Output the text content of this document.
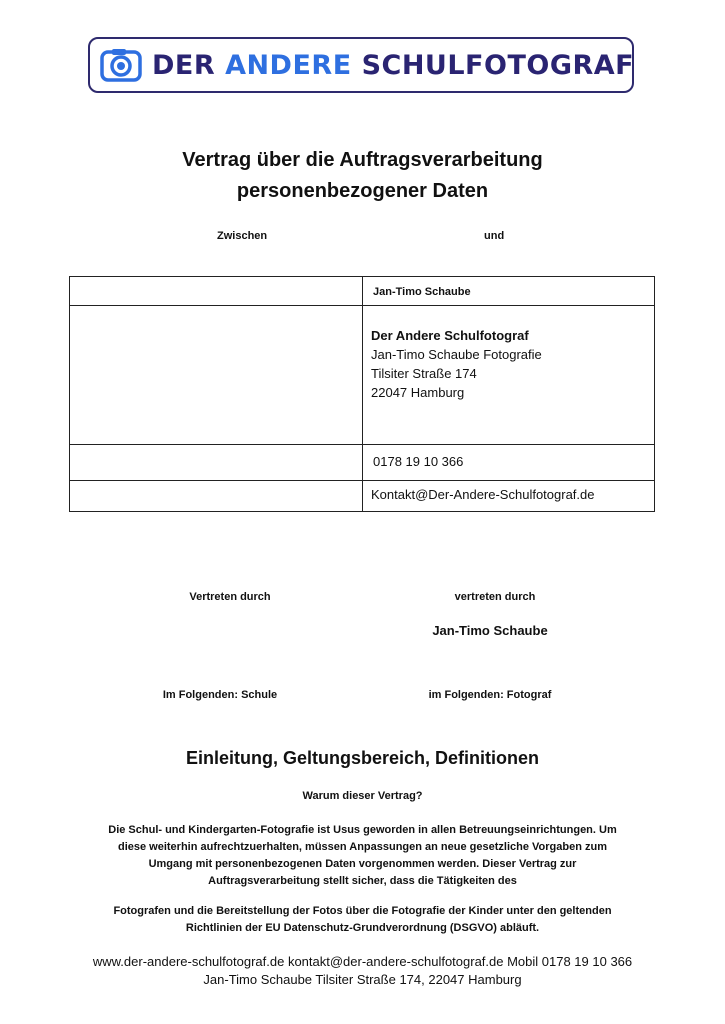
DER ANDERE SCHULFOTOGRAF
Vertrag über die Auftragsverarbeitung
personenbezogener Daten
Zwischen	und

	Jan-Timo Schaube

	Der Andere Schulfotograf
Jan-Timo Schaube Fotografie
Tilsiter Straße 174
22047 Hamburg

	0178 19 10 366

	Kontakt@Der-Andere-Schulfotograf.de
Vertreten durch	vertreten durch
Jan-Timo Schaube
Im Folgenden: Schule	im Folgenden: Fotograf
Einleitung, Geltungsbereich, Definitionen
Warum dieser Vertrag?
Die Schul- und Kindergarten-Fotografie ist Usus geworden in allen Betreuungseinrichtungen. Um diese weiterhin aufrechtzuerhalten, müssen Anpassungen an neue gesetzliche Vorgaben zum Umgang mit personenbezogenen Daten vorgenommen werden. Dieser Vertrag zur Auftragsverarbeitung stellt sicher, dass die Tätigkeiten des
Fotografen und die Bereitstellung der Fotos über die Fotografie der Kinder unter den geltenden Richtlinien der EU Datenschutz-Grundverordnung (DSGVO) abläuft.
www.der-andere-schulfotograf.de kontakt@der-andere-schulfotograf.de Mobil 0178 19 10 366
Jan-Timo Schaube Tilsiter Straße 174, 22047 Hamburg
